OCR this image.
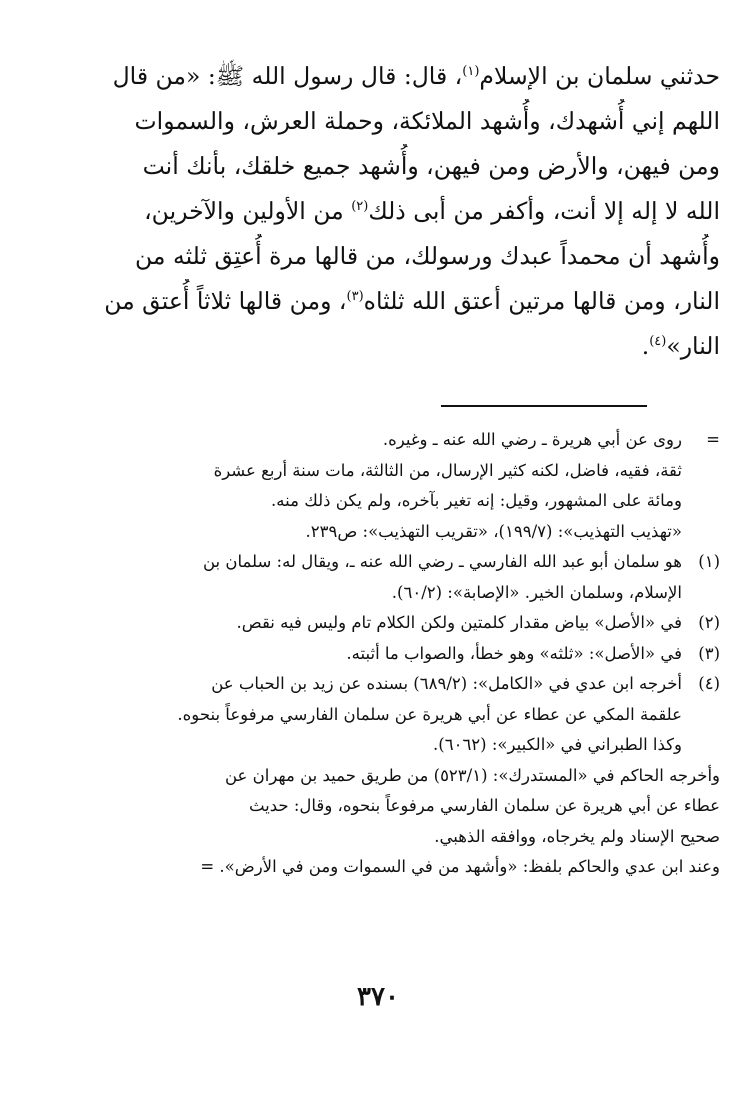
حدثني سلمان بن الإسلام$^{(١)}$، قال: قال رسول الله ﷺ: «من قال
اللهم إني أُشهدك، وأُشهد الملائكة، وحملة العرش، والسموات
ومن فيهن، والأرض ومن فيهن، وأُشهد جميع خلقك، بأنك أنت
الله لا إله إلا أنت، وأكفر من أبى ذلك$^{(٢)}$ من الأولين والآخرين،
وأُشهد أن محمداً عبدك ورسولك، من قالها مرة أُعتِق ثلثه من
النار، ومن قالها مرتين أعتق الله ثلثاه$^{(٣)}$، ومن قالها ثلاثاً أُعتق من
النار»$^{(٤)}$.
=
روى عن أبي هريرة ـ رضي الله عنه ـ وغيره.
ثقة، فقيه، فاضل، لكنه كثير الإرسال، من الثالثة، مات سنة أربع عشرة
ومائة على المشهور، وقيل: إنه تغير بآخره، ولم يكن ذلك منه.
«تهذيب التهذيب»: (١٩٩/٧)، «تقريب التهذيب»: ص٢٣٩.
(١)
هو سلمان أبو عبد الله الفارسي ـ رضي الله عنه ـ، ويقال له: سلمان بن
الإسلام، وسلمان الخير. «الإصابة»: (٦٠/٢).
(٢)
في «الأصل» بياض مقدار كلمتين ولكن الكلام تام وليس فيه نقص.
(٣)
في «الأصل»: «ثلثه» وهو خطأ، والصواب ما أثبته.
(٤)
أخرجه ابن عدي في «الكامل»: (٦٨٩/٢) بسنده عن زيد بن الحباب عن
علقمة المكي عن عطاء عن أبي هريرة عن سلمان الفارسي مرفوعاً بنحوه.
وكذا الطبراني في «الكبير»: (٦٠٦٢).
وأخرجه الحاكم في «المستدرك»: (٥٢٣/١) من طريق حميد بن مهران عن
عطاء عن أبي هريرة عن سلمان الفارسي مرفوعاً بنحوه، وقال: حديث
صحيح الإسناد ولم يخرجاه، ووافقه الذهبي.
وعند ابن عدي والحاكم بلفظ: «وأشهد من في السموات ومن في الأرض». =
٣٧٠
